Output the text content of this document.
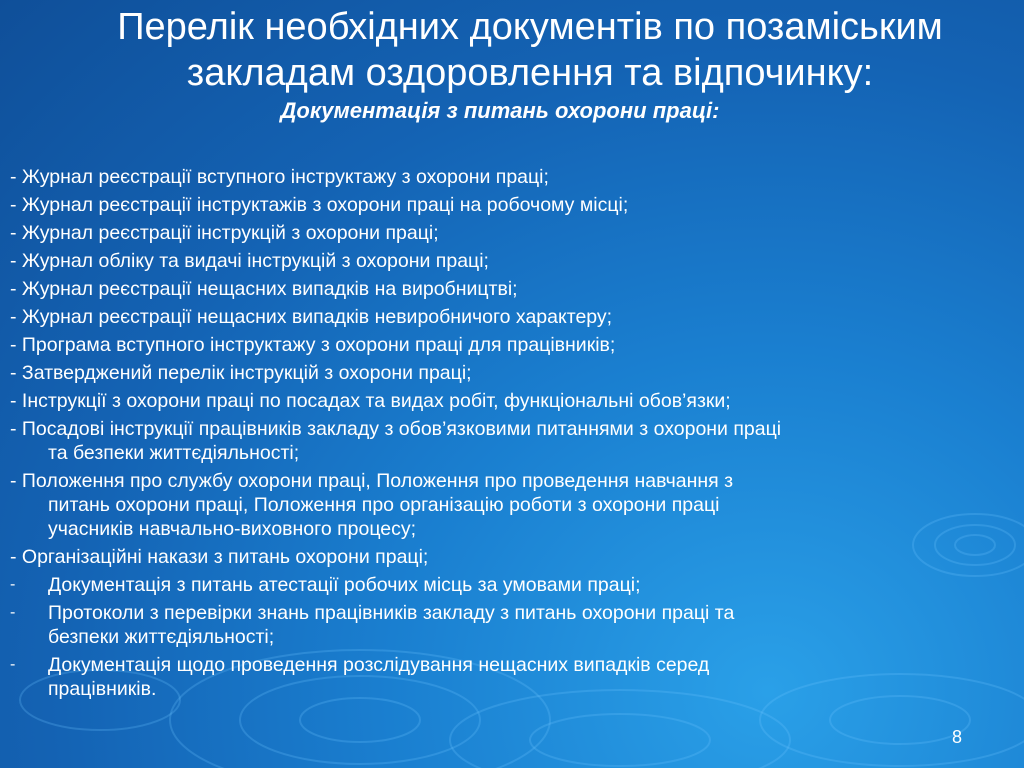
Перелік необхідних документів по позаміським
закладам оздоровлення та відпочинку:
Документація з питань охорони праці:
- Журнал реєстрації вступного інструктажу з охорони праці;
- Журнал реєстрації інструктажів з охорони праці на робочому місці;
- Журнал реєстрації інструкцій з охорони праці;
- Журнал обліку та видачі інструкцій з охорони праці;
- Журнал реєстрації нещасних випадків на виробництві;
- Журнал реєстрації нещасних випадків невиробничого характеру;
- Програма вступного інструктажу з охорони праці для працівників;
- Затверджений перелік інструкцій з охорони праці;
- Інструкції з охорони праці по посадах та видах робіт, функціональні обов’язки;
- Посадові інструкції працівників закладу з обов’язковими питаннями з охорони праці
та безпеки життєдіяльності;
- Положення про службу охорони праці, Положення про проведення навчання з
питань охорони праці, Положення про організацію роботи з охорони праці
учасників навчально-виховного процесу;
- Організаційні накази з питань охорони праці;
- Документація з питань атестації робочих місць за умовами праці;
- Протоколи з перевірки знань працівників закладу з питань охорони праці та
безпеки життєдіяльності;
- Документація щодо проведення розслідування нещасних випадків серед
працівників.
8
